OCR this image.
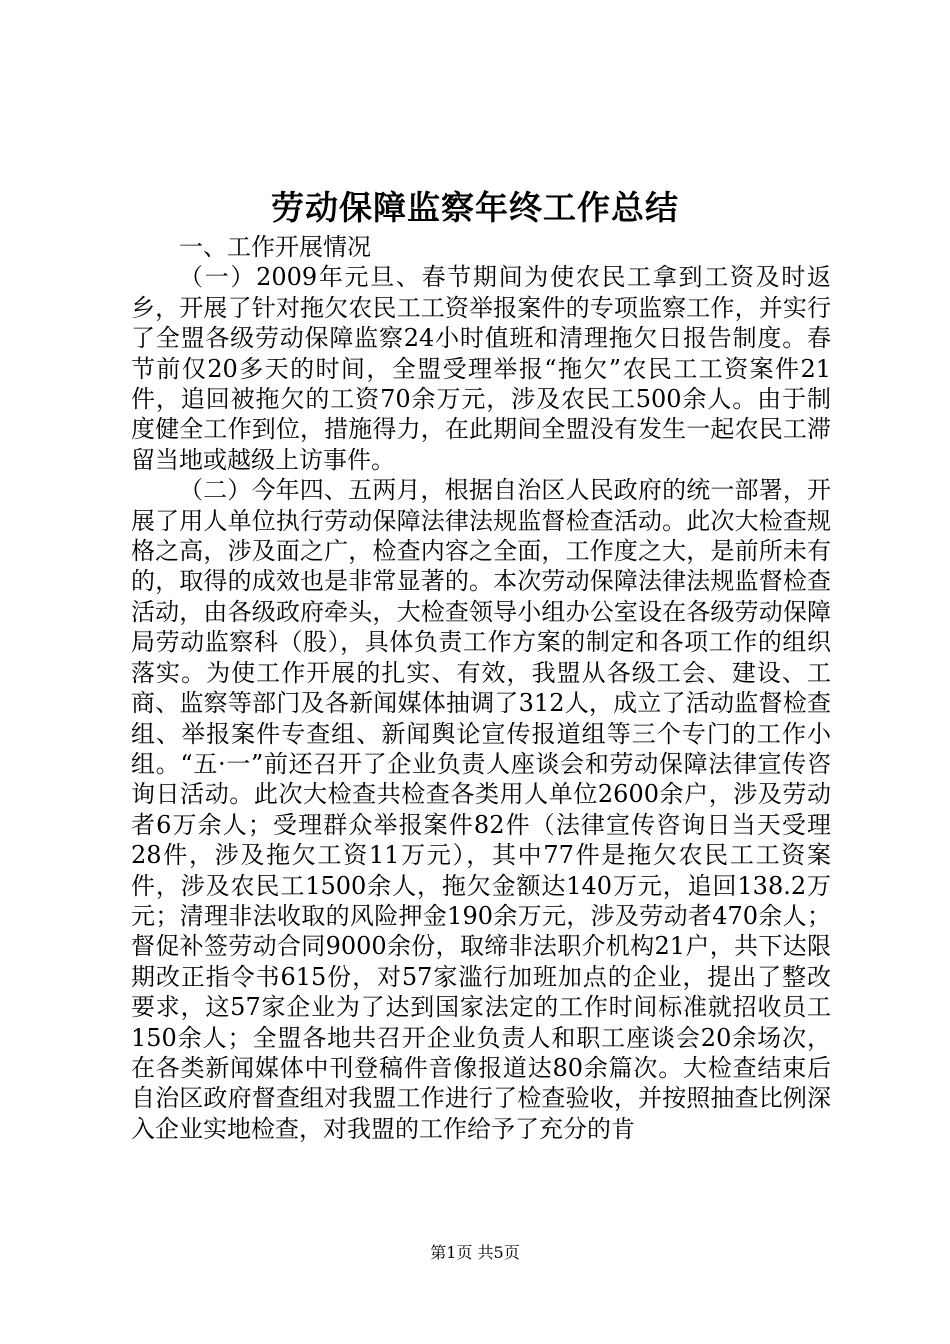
劳动保障监察年终工作总结

一、工作开展情况

（一）2009年元旦、春节期间为使农民工拿到工资及时返乡，开展了针对拖欠农民工工资举报案件的专项监察工作，并实行了全盟各级劳动保障监察24小时值班和清理拖欠日报告制度。春节前仅20多天的时间，全盟受理举报“拖欠”农民工工资案件21件，追回被拖欠的工资70余万元，涉及农民工500余人。由于制度健全工作到位，措施得力，在此期间全盟没有发生一起农民工滞留当地或越级上访事件。

（二）今年四、五两月，根据自治区人民政府的统一部署，开展了用人单位执行劳动保障法律法规监督检查活动。此次大检查规格之高，涉及面之广，检查内容之全面，工作度之大，是前所未有的，取得的成效也是非常显著的。本次劳动保障法律法规监督检查活动，由各级政府牵头，大检查领导小组办公室设在各级劳动保障局劳动监察科（股），具体负责工作方案的制定和各项工作的组织落实。为使工作开展的扎实、有效，我盟从各级工会、建设、工商、监察等部门及各新闻媒体抽调了312人，成立了活动监督检查组、举报案件专查组、新闻舆论宣传报道组等三个专门的工作小组。“五·一”前还召开了企业负责人座谈会和劳动保障法律宣传咨询日活动。此次大检查共检查各类用人单位2600余户，涉及劳动者6万余人；受理群众举报案件82件（法律宣传咨询日当天受理28件，涉及拖欠工资11万元），其中77件是拖欠农民工工资案件，涉及农民工1500余人，拖欠金额达140万元，追回138.2万元；清理非法收取的风险押金190余万元，涉及劳动者470余人；督促补签劳动合同9000余份，取缔非法职介机构21户，共下达限期改正指令书615份，对57家滥行加班加点的企业，提出了整改要求，这57家企业为了达到国家法定的工作时间标准就招收员工150余人；全盟各地共召开企业负责人和职工座谈会20余场次，在各类新闻媒体中刊登稿件音像报道达80余篇次。大检查结束后自治区政府督查组对我盟工作进行了检查验收，并按照抽查比例深入企业实地检查，对我盟的工作给予了充分的肯

第1页 共5页
